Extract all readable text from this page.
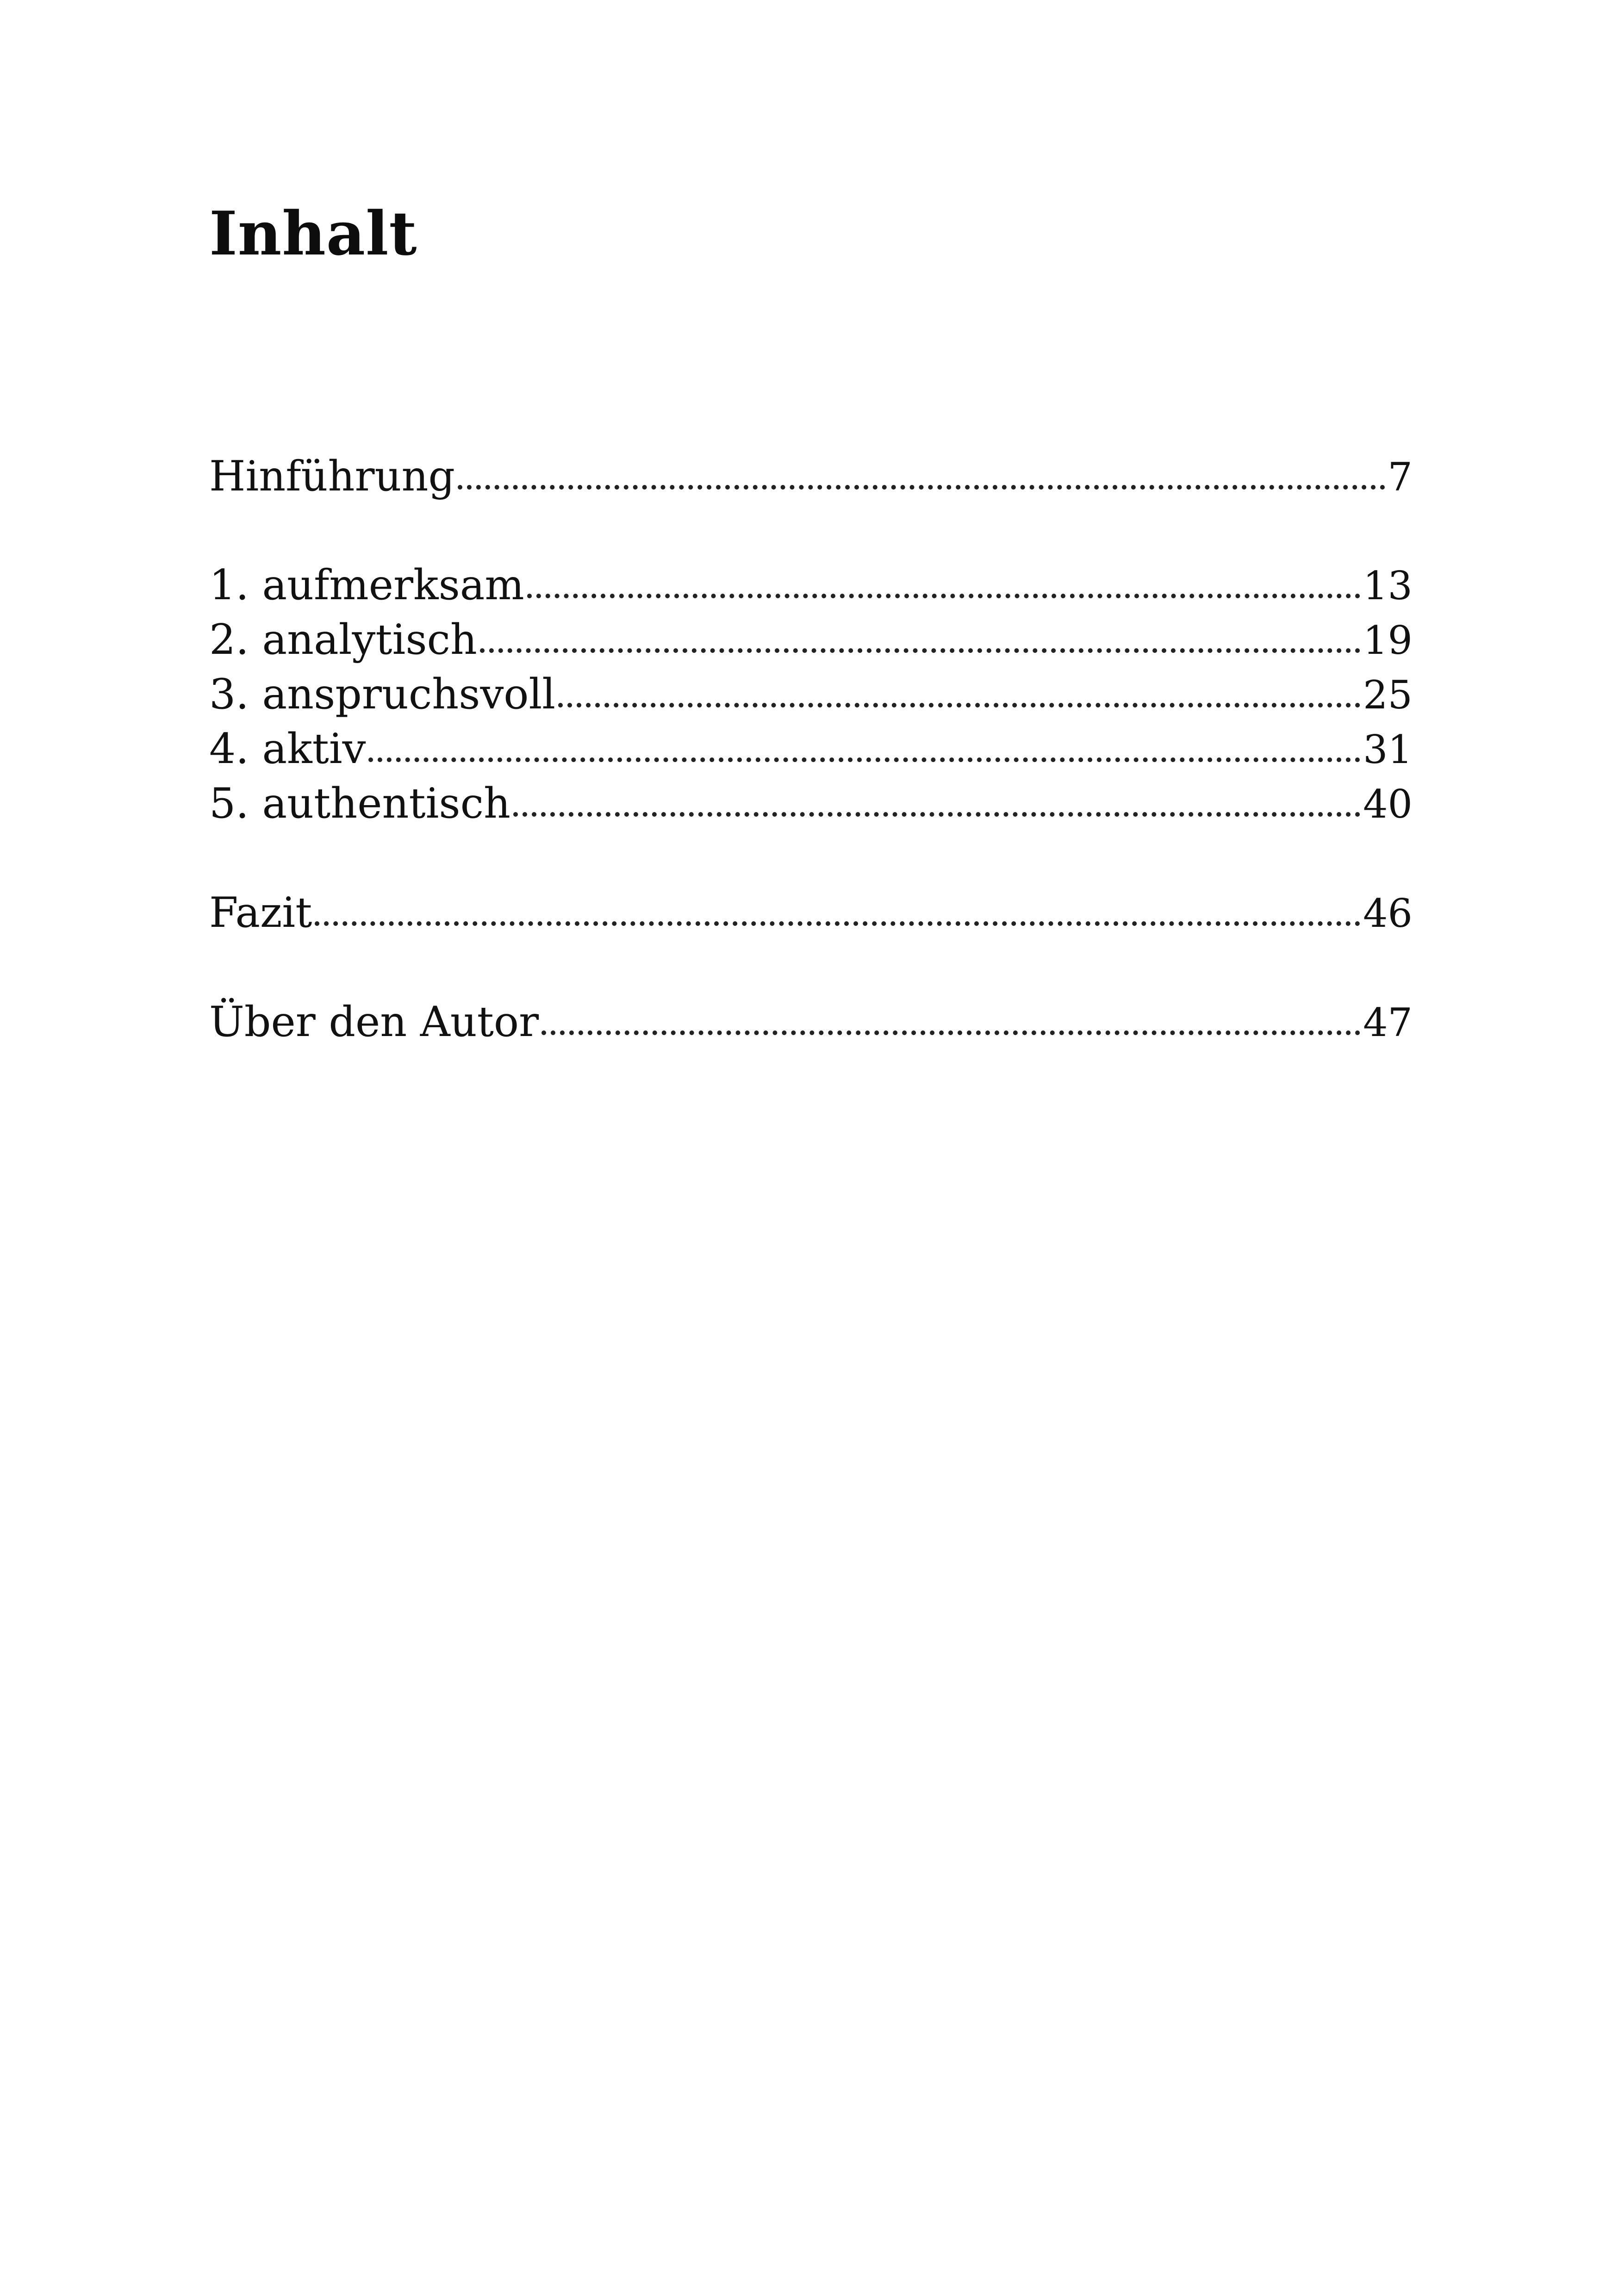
Inhalt
Hinführung	7
1. aufmerksam	13
2. analytisch	19
3. anspruchsvoll	25
4. aktiv	31
5. authentisch	40
Fazit	46
Über den Autor	47
